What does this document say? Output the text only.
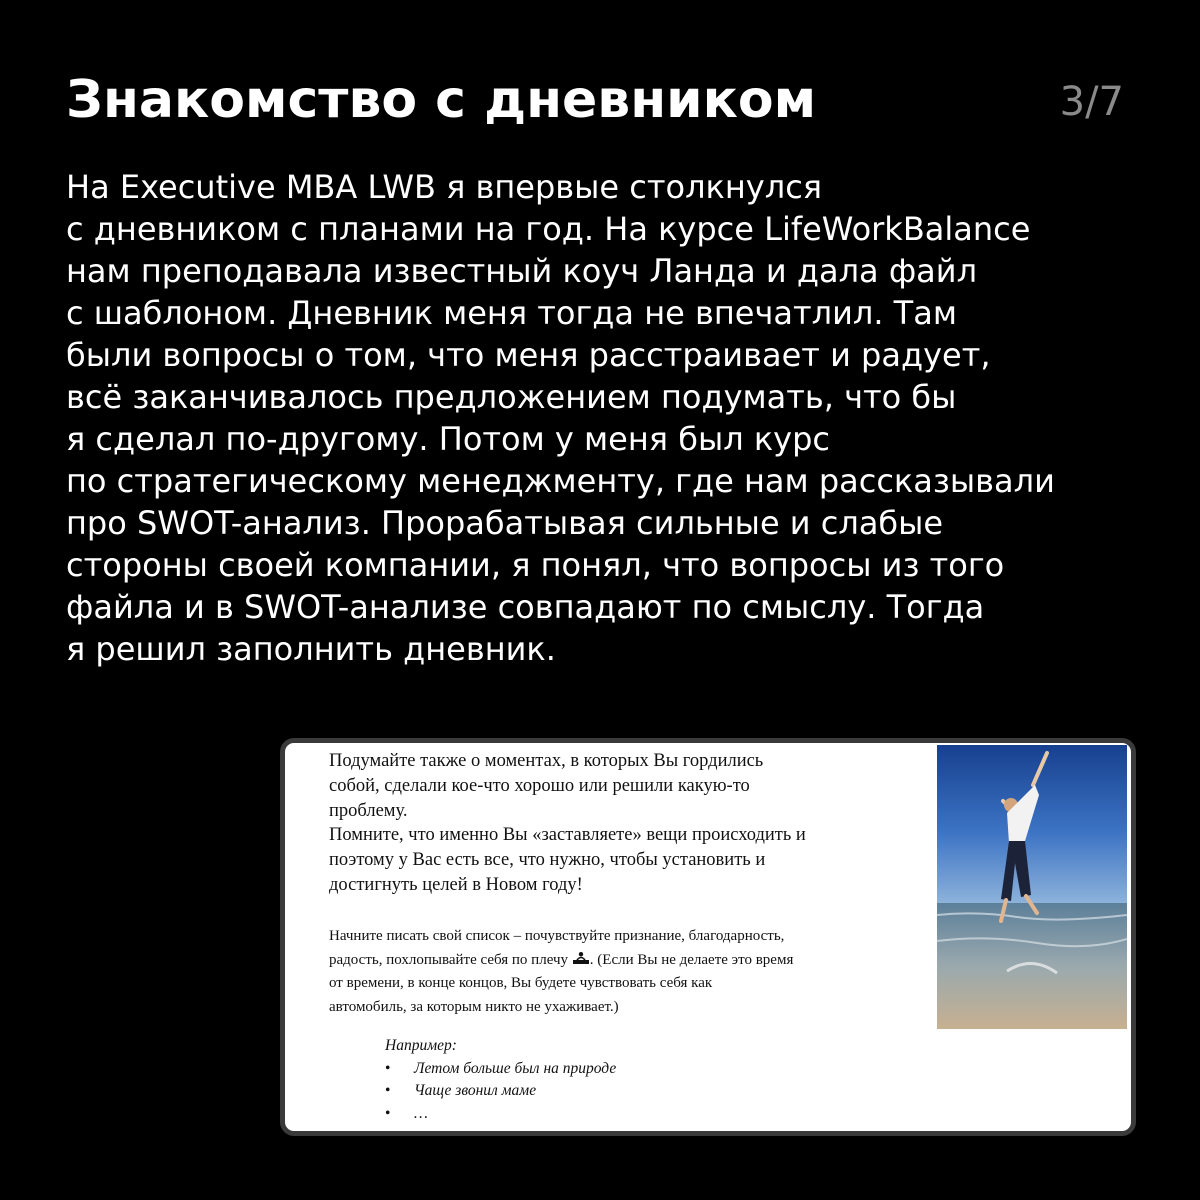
Знакомство с дневником	3/7
На Executive MBA LWB я впервые столкнулся
с дневником с планами на год. На курсе LifeWorkBalance
нам преподавала известный коуч Ланда и дала файл
с шаблоном. Дневник меня тогда не впечатлил. Там
были вопросы о том, что меня расстраивает и радует,
всё заканчивалось предложением подумать, что бы
я сделал по-другому. Потом у меня был курс
по стратегическому менеджменту, где нам рассказывали
про SWOT-анализ. Прорабатывая сильные и слабые
стороны своей компании, я понял, что вопросы из того
файла и в SWOT-анализе совпадают по смыслу. Тогда
я решил заполнить дневник.
Подумайте также о моментах, в которых Вы гордились
собой, сделали кое-что хорошо или решили какую-то
проблему.
Помните, что именно Вы «заставляете» вещи происходить и
поэтому у Вас есть все, что нужно, чтобы установить и
достигнуть целей в Новом году!
Начните писать свой список – почувствуйте признание, благодарность,
радость, похлопывайте себя по плечу . (Если Вы не делаете это время
от времени, в конце концов, Вы будете чувствовать себя как
автомобиль, за которым никто не ухаживает.)
Например:
• Летом больше был на природе
• Чаще звонил маме
• …
